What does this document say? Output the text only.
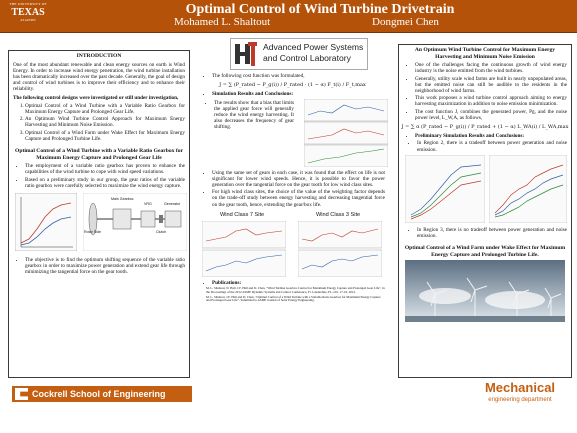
THE UNIVERSITY OF
TEXAS
AT AUSTIN
Optimal Control of Wind Turbine Drivetrain
Mohamed L. Shaltout	Dongmei Chen
INTRODUCTION

One of the most abundant renewable and clean energy sources on earth is Wind Energy. In order to increase wind energy penetration, the wind turbine installation has been dramatically increased over the past decade. Generally, the goal of design and control of wind turbines is to improve their efficiency and to enhance their reliability.

The following control designs were investigated or still under investigation,

1. Optimal Control of a Wind Turbine with a Variable Ratio Gearbox for Maximum Energy Capture and Prolonged Gear Life.
2. An Optimum Wind Turbine Control Approach for Maximum Energy Harvesting and Minimum Noise Emission.
3. Optimal Control of a Wind Farm under Wake Effect for Maximum Energy Capture and Prolonged Turbine Life.
Optimal Control of a Wind Turbine with a Variable Ratio Gearbox for Maximum Energy Capture and Prolonged Gear Life
• The employment of a variable ratio gearbox has proven to enhance the capabilities of the wind turbine to cope with wind speed variations.
• Based on a preliminary study in our group, the gear ratios of the variable ratio gearbox were carefully selected to maximize the wind energy capture.
Rotor Side
Main Gearbox
VRG	Generator
Clutch
• The objective is to find the optimum shifting sequence of the variable ratio gearbox in order to maximize power generation and extend gear life through minimizing the tangential force on the gear tooth.
Advanced Power Systems
and Control Laboratory
• The following cost function was formulated,
J = ∑ (P_rated − P_g(i)) / P_rated · (1 − α) F_t(i) / F_t,max
• Simulation Results and Conclusions:
• The results show that a bias that limits the applied gear force will generally reduce the wind energy harvesting. It also decreases the frequency of gear shifting.
• Using the same set of gears in each case, it was found that the effect on life is not significant for lower wind speeds. Hence, it is possible to favor the power generation over the tangential force on the gear tooth for low wind class sites.
• For high wind class sites, the choice of the value of the weighting factor depends on the trade-off study between energy harvesting and decreasing tangential force on the gear tooth, hence, extending the gear/box life.
Wind Class 7 Site	Wind Class 3 Site
• Publications:
M. L. Shaltout, N. Hall, J.F. Hall and D. Chen, "Wind Turbine Gearbox Control for Maximum Energy Capture and Prolonged Gear Life", in the Proceedings of the 2012 ASME Dynamic Systems and Control Conference, Ft. Lauderdale, FL, Oct. 17-19, 2012.
M. L. Shaltout, J.F. Hall and D. Chen, "Optimal Control of a Wind Turbine with a Variable Ratio Gearbox for Maximum Energy Capture and Prolonged Gear Life", Submitted to ASME Journal of Solar Energy Engineering.
An Optimum Wind Turbine Control for Maximum Energy Harvesting and Minimum Noise Emission
• One of the challenges facing the continuous growth of wind energy industry is the noise emitted from the wind turbines.
• Generally, utility scale wind farms are built in nearly unpopulated areas, but the emitted noise can still be audible to the residents in the neighborhood of wind farms.
• This work proposes a wind turbine control approach aiming to energy harvesting maximization in addition to noise emission minimization.
• The cost function J, combines the generated power, Pg, and the noise power level, L_W,A, as follows,
J = ∑ α (P_rated − P_g(i)) / P_rated + (1 − α) L_WA(i) / L_WA,max
• Preliminary Simulation Results and Conclusions:
• In Region 2, there is a tradeoff between power generation and noise emission.
• In Region 3, there is no tradeoff between power generation and noise emission.
Optimal Control of a Wind Farm under Wake Effect for Maximum Energy Capture and Prolonged Turbine Life.
Cockrell School of Engineering	Mechanical
engineering department
